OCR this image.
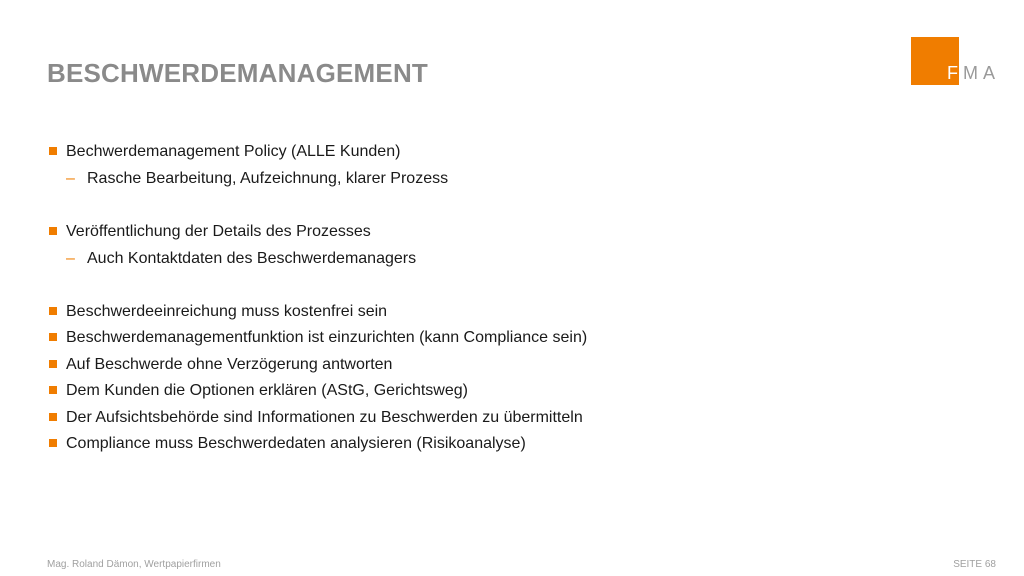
BESCHWERDEMANAGEMENT	FMA
Bechwerdemanagement Policy (ALLE Kunden)
– Rasche Bearbeitung, Aufzeichnung, klarer Prozess
Veröffentlichung der Details des Prozesses
– Auch Kontaktdaten des Beschwerdemanagers
Beschwerdeeinreichung muss kostenfrei sein
Beschwerdemanagementfunktion ist einzurichten (kann Compliance sein)
Auf Beschwerde ohne Verzögerung antworten
Dem Kunden die Optionen erklären (AStG, Gerichtsweg)
Der Aufsichtsbehörde sind Informationen zu Beschwerden zu übermitteln
Compliance muss Beschwerdedaten analysieren (Risikoanalyse)
Mag. Roland Dämon, Wertpapierfirmen	SEITE 68
